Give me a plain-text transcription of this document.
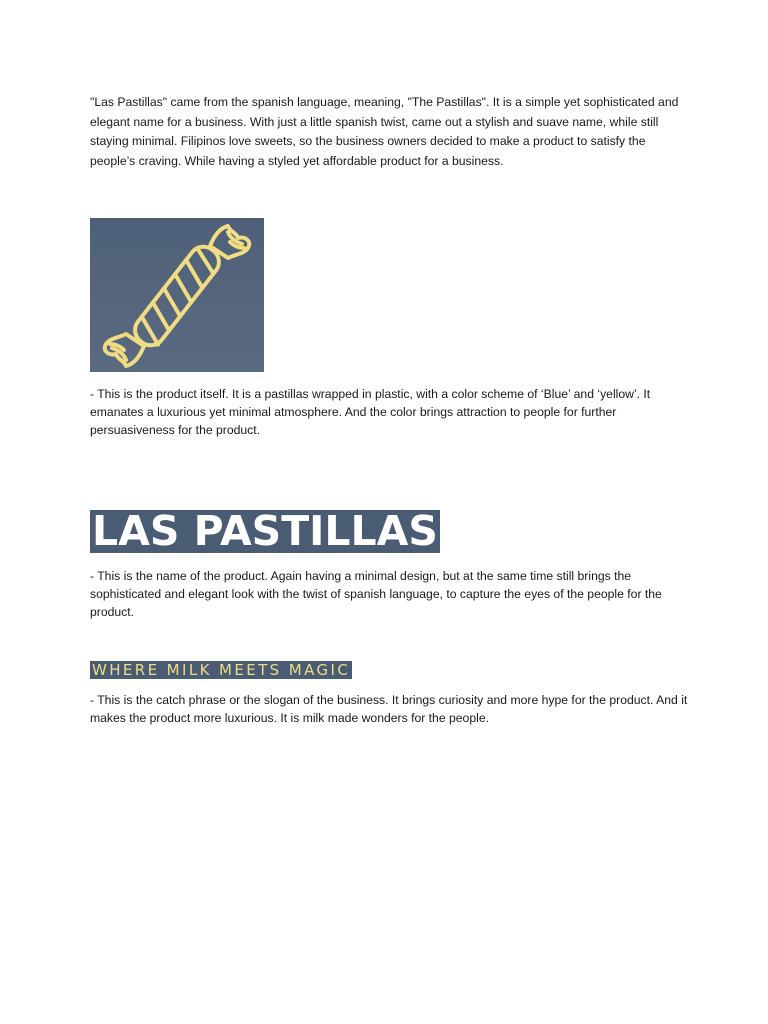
"Las Pastillas" came from the spanish language, meaning, "The Pastillas". It is a simple yet sophisticated and elegant name for a business. With just a little spanish twist, came out a stylish and suave name, while still staying minimal. Filipinos love sweets, so the business owners decided to make a product to satisfy the people’s craving. While having a styled yet affordable product for a business.

- This is the product itself. It is a pastillas wrapped in plastic, with a color scheme of ‘Blue’ and ‘yellow’. It emanates a luxurious yet minimal atmosphere. And the color brings attraction to people for further persuasiveness for the product.

LAS PASTILLAS

- This is the name of the product. Again having a minimal design, but at the same time still brings the sophisticated and elegant look with the twist of spanish language, to capture the eyes of the people for the product.

WHERE MILK MEETS MAGIC

- This is the catch phrase or the slogan of the business. It brings curiosity and more hype for the product. And it makes the product more luxurious. It is milk made wonders for the people.
